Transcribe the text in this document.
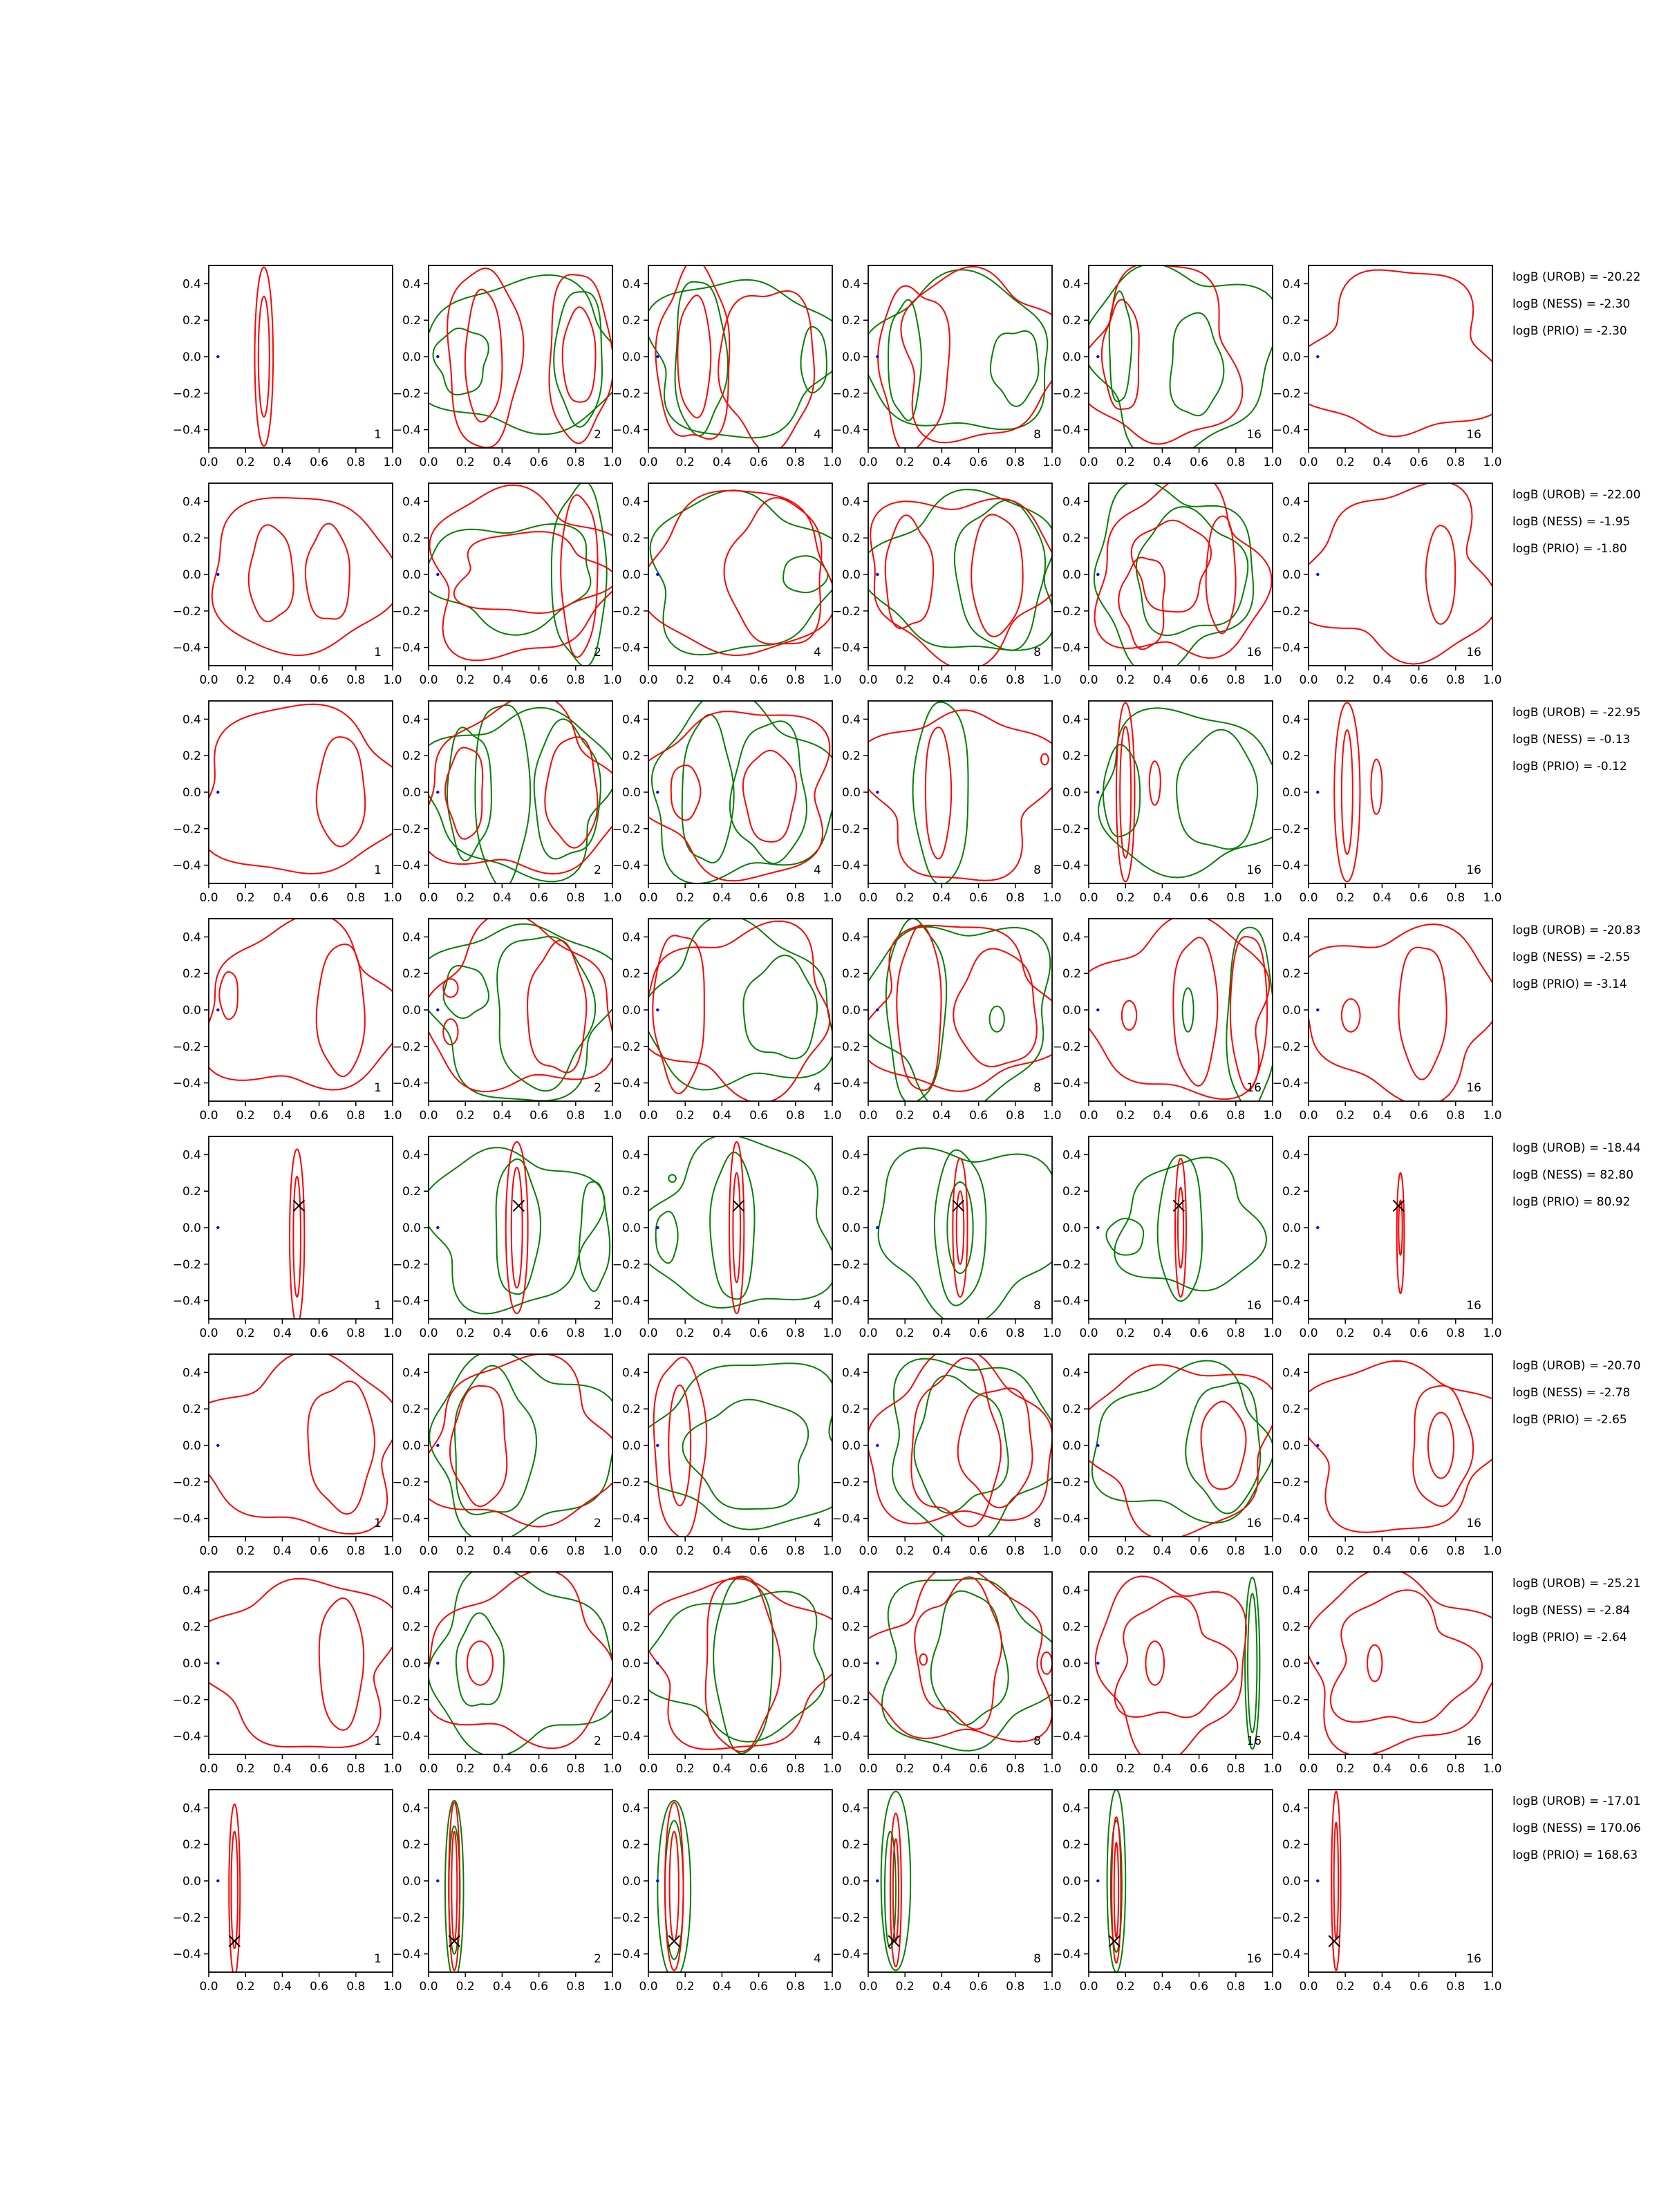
0.4
0.2
0.0
−0.2
−0.4
0.0 0.2 0.4 0.6 0.8 1.0
1
0.4
0.2
0.0
−0.2
−0.4
0.0 0.2 0.4 0.6 0.8 1.0
2
0.4
0.2
0.0
−0.2
−0.4
0.0 0.2 0.4 0.6 0.8 1.0
4
0.4
0.2
0.0
−0.2
−0.4
0.0 0.2 0.4 0.6 0.8 1.0
8
0.4
0.2
0.0
−0.2
−0.4
0.0 0.2 0.4 0.6 0.8 1.0
16
0.4
0.2
0.0
−0.2
−0.4
0.0 0.2 0.4 0.6 0.8 1.0
16
logB (UROB) = -20.22
logB (NESS) = -2.30
logB (PRIO) = -2.30
0.4
0.2
0.0
−0.2
−0.4
0.0 0.2 0.4 0.6 0.8 1.0
1
0.4
0.2
0.0
−0.2
−0.4
0.0 0.2 0.4 0.6 0.8 1.0
2
0.4
0.2
0.0
−0.2
−0.4
0.0 0.2 0.4 0.6 0.8 1.0
4
0.4
0.2
0.0
−0.2
−0.4
0.0 0.2 0.4 0.6 0.8 1.0
8
0.4
0.2
0.0
−0.2
−0.4
0.0 0.2 0.4 0.6 0.8 1.0
16
0.4
0.2
0.0
−0.2
−0.4
0.0 0.2 0.4 0.6 0.8 1.0
16
logB (UROB) = -22.00
logB (NESS) = -1.95
logB (PRIO) = -1.80
0.4
0.2
0.0
−0.2
−0.4
0.0 0.2 0.4 0.6 0.8 1.0
1
0.4
0.2
0.0
−0.2
−0.4
0.0 0.2 0.4 0.6 0.8 1.0
2
0.4
0.2
0.0
−0.2
−0.4
0.0 0.2 0.4 0.6 0.8 1.0
4
0.4
0.2
0.0
−0.2
−0.4
0.0 0.2 0.4 0.6 0.8 1.0
8
0.4
0.2
0.0
−0.2
−0.4
0.0 0.2 0.4 0.6 0.8 1.0
16
0.4
0.2
0.0
−0.2
−0.4
0.0 0.2 0.4 0.6 0.8 1.0
16
logB (UROB) = -22.95
logB (NESS) = -0.13
logB (PRIO) = -0.12
0.4
0.2
0.0
−0.2
−0.4
0.0 0.2 0.4 0.6 0.8 1.0
1
0.4
0.2
0.0
−0.2
−0.4
0.0 0.2 0.4 0.6 0.8 1.0
2
0.4
0.2
0.0
−0.2
−0.4
0.0 0.2 0.4 0.6 0.8 1.0
4
0.4
0.2
0.0
−0.2
−0.4
0.0 0.2 0.4 0.6 0.8 1.0
8
0.4
0.2
0.0
−0.2
−0.4
0.0 0.2 0.4 0.6 0.8 1.0
16
0.4
0.2
0.0
−0.2
−0.4
0.0 0.2 0.4 0.6 0.8 1.0
16
logB (UROB) = -20.83
logB (NESS) = -2.55
logB (PRIO) = -3.14
0.4
0.2
0.0
−0.2
−0.4
0.0 0.2 0.4 0.6 0.8 1.0
1
0.4
0.2
0.0
−0.2
−0.4
0.0 0.2 0.4 0.6 0.8 1.0
2
0.4
0.2
0.0
−0.2
−0.4
0.0 0.2 0.4 0.6 0.8 1.0
4
0.4
0.2
0.0
−0.2
−0.4
0.0 0.2 0.4 0.6 0.8 1.0
8
0.4
0.2
0.0
−0.2
−0.4
0.0 0.2 0.4 0.6 0.8 1.0
16
0.4
0.2
0.0
−0.2
−0.4
0.0 0.2 0.4 0.6 0.8 1.0
16
logB (UROB) = -18.44
logB (NESS) = 82.80
logB (PRIO) = 80.92
0.4
0.2
0.0
−0.2
−0.4
0.0 0.2 0.4 0.6 0.8 1.0
1
0.4
0.2
0.0
−0.2
−0.4
0.0 0.2 0.4 0.6 0.8 1.0
2
0.4
0.2
0.0
−0.2
−0.4
0.0 0.2 0.4 0.6 0.8 1.0
4
0.4
0.2
0.0
−0.2
−0.4
0.0 0.2 0.4 0.6 0.8 1.0
8
0.4
0.2
0.0
−0.2
−0.4
0.0 0.2 0.4 0.6 0.8 1.0
16
0.4
0.2
0.0
−0.2
−0.4
0.0 0.2 0.4 0.6 0.8 1.0
16
logB (UROB) = -20.70
logB (NESS) = -2.78
logB (PRIO) = -2.65
0.4
0.2
0.0
−0.2
−0.4
0.0 0.2 0.4 0.6 0.8 1.0
1
0.4
0.2
0.0
−0.2
−0.4
0.0 0.2 0.4 0.6 0.8 1.0
2
0.4
0.2
0.0
−0.2
−0.4
0.0 0.2 0.4 0.6 0.8 1.0
4
0.4
0.2
0.0
−0.2
−0.4
0.0 0.2 0.4 0.6 0.8 1.0
8
0.4
0.2
0.0
−0.2
−0.4
0.0 0.2 0.4 0.6 0.8 1.0
16
0.4
0.2
0.0
−0.2
−0.4
0.0 0.2 0.4 0.6 0.8 1.0
16
logB (UROB) = -25.21
logB (NESS) = -2.84
logB (PRIO) = -2.64
0.4
0.2
0.0
−0.2
−0.4
0.0 0.2 0.4 0.6 0.8 1.0
1
0.4
0.2
0.0
−0.2
−0.4
0.0 0.2 0.4 0.6 0.8 1.0
2
0.4
0.2
0.0
−0.2
−0.4
0.0 0.2 0.4 0.6 0.8 1.0
4
0.4
0.2
0.0
−0.2
−0.4
0.0 0.2 0.4 0.6 0.8 1.0
8
0.4
0.2
0.0
−0.2
−0.4
0.0 0.2 0.4 0.6 0.8 1.0
16
0.4
0.2
0.0
−0.2
−0.4
0.0 0.2 0.4 0.6 0.8 1.0
16
logB (UROB) = -17.01
logB (NESS) = 170.06
logB (PRIO) = 168.63
